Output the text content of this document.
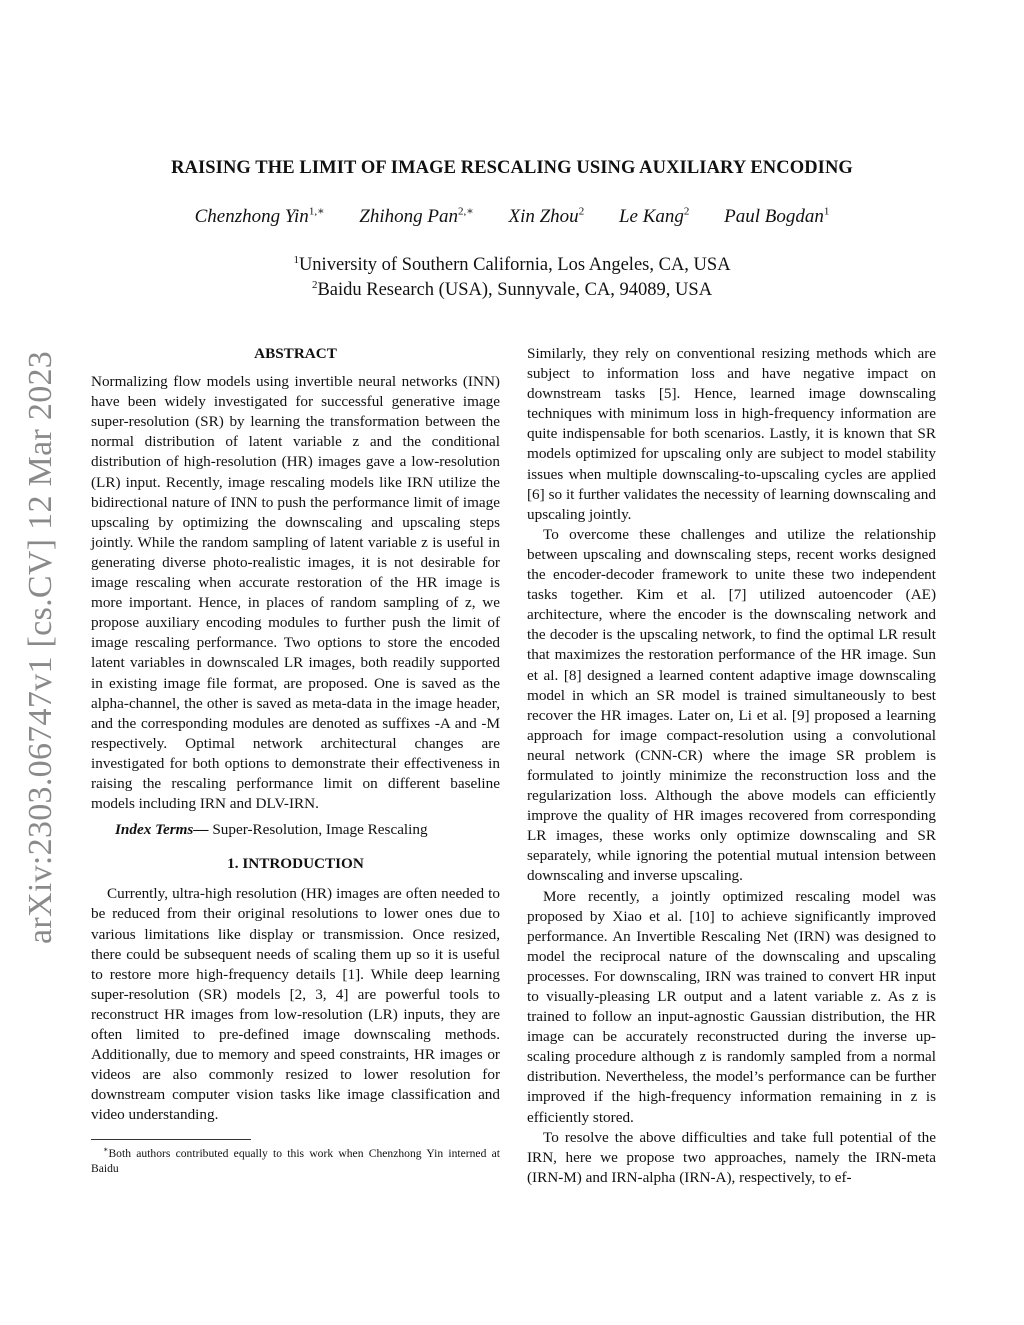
arXiv:2303.06747v1 [cs.CV] 12 Mar 2023
RAISING THE LIMIT OF IMAGE RESCALING USING AUXILIARY ENCODING
Chenzhong Yin$^{1,∗}$ Zhihong Pan$^{2,∗}$ Xin Zhou$^2$ Le Kang$^2$ Paul Bogdan$^1$
$^1$University of Southern California, Los Angeles, CA, USA
$^2$Baidu Research (USA), Sunnyvale, CA, 94089, USA
ABSTRACT

Normalizing flow models using invertible neural networks (INN) have been widely investigated for successful generative image super-resolution (SR) by learning the transformation between the normal distribution of latent variable z and the conditional distribution of high-resolution (HR) images gave a low-resolution (LR) input. Recently, image rescaling models like IRN utilize the bidirectional nature of INN to push the performance limit of image upscaling by optimizing the downscaling and upscaling steps jointly. While the random sampling of latent variable z is useful in generating diverse photo-realistic images, it is not desirable for image rescaling when accurate restoration of the HR image is more important. Hence, in places of random sampling of z, we propose auxiliary encoding modules to further push the limit of image rescaling performance. Two options to store the encoded latent variables in downscaled LR images, both readily supported in existing image file format, are proposed. One is saved as the alpha-channel, the other is saved as meta-data in the image header, and the corresponding modules are denoted as suffixes -A and -M respectively. Optimal network architectural changes are investigated for both options to demonstrate their effectiveness in raising the rescaling performance limit on different baseline models including IRN and DLV-IRN.

Index Terms— Super-Resolution, Image Rescaling

1. INTRODUCTION

Currently, ultra-high resolution (HR) images are often needed to be reduced from their original resolutions to lower ones due to various limitations like display or transmission. Once resized, there could be subsequent needs of scaling them up so it is useful to restore more high-frequency details [1]. While deep learning super-resolution (SR) models [2, 3, 4] are powerful tools to reconstruct HR images from low-resolution (LR) inputs, they are often limited to pre-defined image downscaling methods. Additionally, due to memory and speed constraints, HR images or videos are also commonly resized to lower resolution for downstream computer vision tasks like image classification and video understanding.

∗Both authors contributed equally to this work when Chenzhong Yin interned at Baidu

Similarly, they rely on conventional resizing methods which are subject to information loss and have negative impact on downstream tasks [5]. Hence, learned image downscaling techniques with minimum loss in high-frequency information are quite indispensable for both scenarios. Lastly, it is known that SR models optimized for upscaling only are subject to model stability issues when multiple downscaling-to-upscaling cycles are applied [6] so it further validates the necessity of learning downscaling and upscaling jointly.

To overcome these challenges and utilize the relationship between upscaling and downscaling steps, recent works designed the encoder-decoder framework to unite these two independent tasks together. Kim et al. [7] utilized autoencoder (AE) architecture, where the encoder is the downscaling network and the decoder is the upscaling network, to find the optimal LR result that maximizes the restoration performance of the HR image. Sun et al. [8] designed a learned content adaptive image downscaling model in which an SR model is trained simultaneously to best recover the HR images. Later on, Li et al. [9] proposed a learning approach for image compact-resolution using a convolutional neural network (CNN-CR) where the image SR problem is formulated to jointly minimize the reconstruction loss and the regularization loss. Although the above models can efficiently improve the quality of HR images recovered from corresponding LR images, these works only optimize downscaling and SR separately, while ignoring the potential mutual intension between downscaling and inverse upscaling.

More recently, a jointly optimized rescaling model was proposed by Xiao et al. [10] to achieve significantly improved performance. An Invertible Rescaling Net (IRN) was designed to model the reciprocal nature of the downscaling and upscaling processes. For downscaling, IRN was trained to convert HR input to visually-pleasing LR output and a latent variable z. As z is trained to follow an input-agnostic Gaussian distribution, the HR image can be accurately reconstructed during the inverse up-scaling procedure although z is randomly sampled from a normal distribution. Nevertheless, the model’s performance can be further improved if the high-frequency information remaining in z is efficiently stored.

To resolve the above difficulties and take full potential of the IRN, here we propose two approaches, namely the IRN-meta (IRN-M) and IRN-alpha (IRN-A), respectively, to ef-
